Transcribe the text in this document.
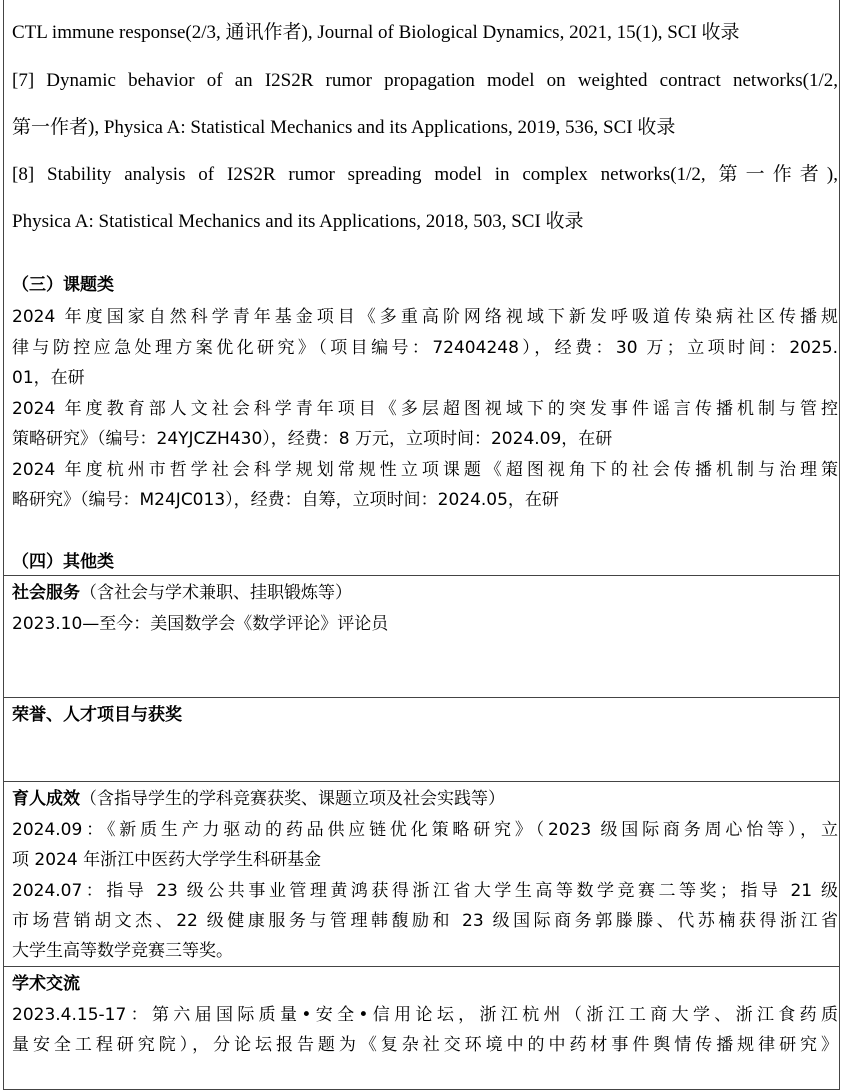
CTL immune response(2/3, 通讯作者), Journal of Biological Dynamics, 2021, 15(1), SCI 收录
[7] Dynamic behavior of an I2S2R rumor propagation model on weighted contract networks(1/2,
第一作者), Physica A: Statistical Mechanics and its Applications, 2019, 536, SCI 收录
[8] Stability analysis of I2S2R rumor spreading model in complex networks(1/2, 第一作者),
Physica A: Statistical Mechanics and its Applications, 2018, 503, SCI 收录
（三）课题类
2024 年度国家自然科学青年基金项目《多重高阶网络视域下新发呼吸道传染病社区传播规
律与防控应急处理方案优化研究》（项目编号：72404248），经费：30 万；立项时间：2025.
01，在研
2024 年度教育部人文社会科学青年项目《多层超图视域下的突发事件谣言传播机制与管控
策略研究》（编号：24YJCZH430），经费：8 万元，立项时间：2024.09，在研
2024 年度杭州市哲学社会科学规划常规性立项课题《超图视角下的社会传播机制与治理策
略研究》（编号：M24JC013），经费：自筹，立项时间：2024.05，在研
（四）其他类
社会服务（含社会与学术兼职、挂职锻炼等）
2023.10—至今：美国数学会《数学评论》评论员
荣誉、人才项目与获奖
育人成效（含指导学生的学科竞赛获奖、课题立项及社会实践等）
2024.09：《新质生产力驱动的药品供应链优化策略研究》（2023 级国际商务周心怡等），立
项 2024 年浙江中医药大学学生科研基金
2024.07：指导 23 级公共事业管理黄鸿获得浙江省大学生高等数学竞赛二等奖；指导 21 级
市场营销胡文杰、22 级健康服务与管理韩馥励和 23 级国际商务郭滕滕、代苏楠获得浙江省
大学生高等数学竞赛三等奖。
学术交流
2023.4.15-17：第六届国际质量•安全•信用论坛，浙江杭州（浙江工商大学、浙江食药质
量安全工程研究院），分论坛报告题为《复杂社交环境中的中药材事件舆情传播规律研究》
